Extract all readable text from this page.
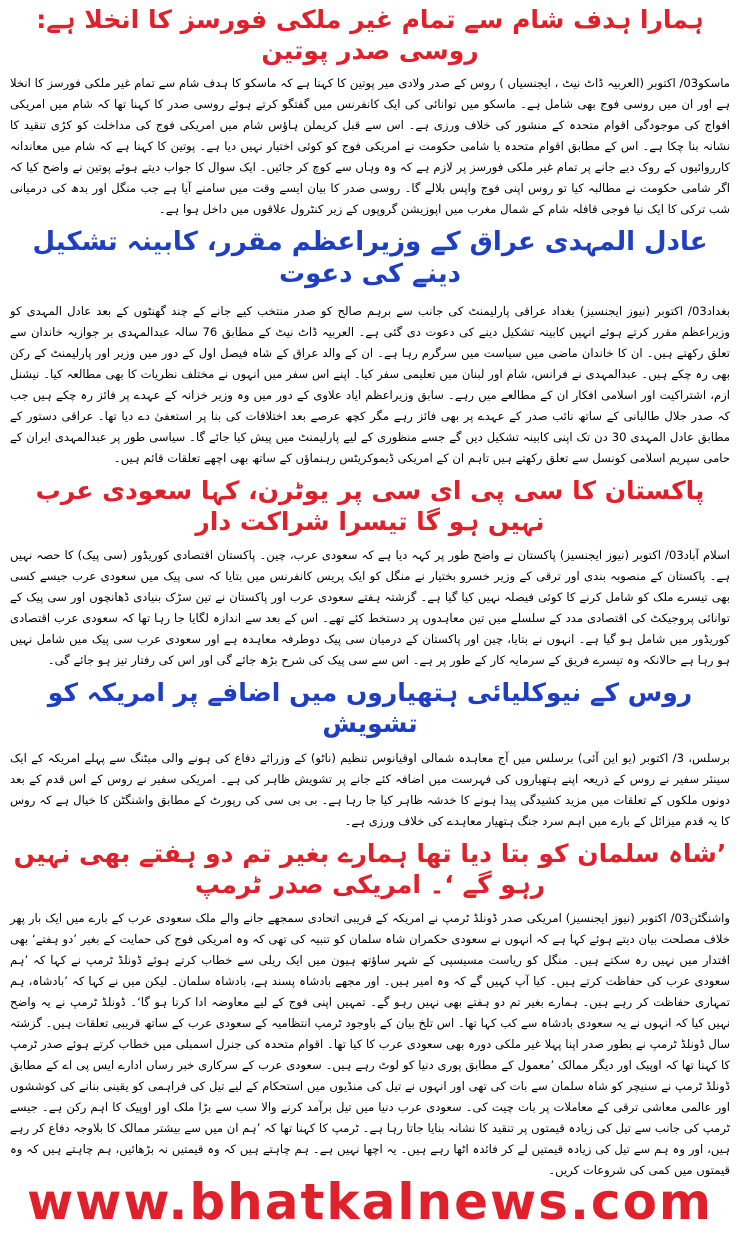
ہمارا ہدف شام سے تمام غیر ملکی فورسز کا انخلا ہے: روسی صدر پوتین

ماسکو03/ اکتوبر (العربیہ ڈاٹ نیٹ ، ایجنسیاں ) روس کے صدر ولادی میر پوتین کا کہنا ہے کہ ماسکو کا ہدف شام سے تمام غیر ملکی فورسز کا انخلا ہے اور ان میں روسی فوج بھی شامل ہے۔ ماسکو میں توانائی کی ایک کانفرنس میں گفتگو کرتے ہوئے روسی صدر کا کہنا تھا کہ شام میں امریکی افواج کی موجودگی اقوام متحدہ کے منشور کی خلاف ورزی ہے۔ اس سے قبل کریملن ہاؤس شام میں امریکی فوج کی مداخلت کو کڑی تنقید کا نشانہ بنا چکا ہے۔ اس کے مطابق اقوام متحدہ یا شامی حکومت نے امریکی فوج کو کوئی اختیار نہیں دیا ہے۔ پوتین کا کہنا ہے کہ شام میں معاندانہ کارروائیوں کے روک دیے جانے پر تمام غیر ملکی فورسز پر لازم ہے کہ وہ وہاں سے کوچ کر جائیں۔ ایک سوال کا جواب دیتے ہوئے پوتین نے واضح کیا کہ اگر شامی حکومت نے مطالبہ کیا تو روس اپنی فوج واپس بلالے گا۔ روسی صدر کا بیان ایسے وقت میں سامنے آیا ہے جب منگل اور بدھ کی درمیانی شب ترکی کا ایک نیا فوجی قافلہ شام کے شمال مغرب میں اپوزیشن گروپوں کے زیر کنٹرول علاقوں میں داخل ہوا ہے۔

عادل المہدی عراق کے وزیراعظم مقرر، کابینہ تشکیل دینے کی دعوت

بغداد03/ اکتوبر (نیوز ایجنسیز) بغداد عراقی پارلیمنٹ کی جانب سے برہم صالح کو صدر منتخب کیے جانے کے چند گھنٹوں کے بعد عادل المہدی کو وزیراعظم مقرر کرتے ہوئے انہیں کابینہ تشکیل دینے کی دعوت دی گئی ہے۔ العربیہ ڈاٹ نیٹ کے مطابق 76 سالہ عبدالمہدی بر جوازیہ خاندان سے تعلق رکھتے ہیں۔ ان کا خاندان ماضی میں سیاست میں سرگرم رہا ہے۔ ان کے والد عراق کے شاہ فیصل اول کے دور میں وزیر اور پارلیمنٹ کے رکن بھی رہ چکے ہیں۔ عبدالمہدی نے فرانس، شام اور لبنان میں تعلیمی سفر کیا۔ اپنے اس سفر میں انہوں نے مختلف نظریات کا بھی مطالعہ کیا۔ نیشنل ازم، اشتراکیت اور اسلامی افکار ان کے مطالعے میں رہے۔ سابق وزیراعظم ایاد علاوی کے دور میں وہ وزیر خزانہ کے عہدے پر فائز رہ چکے ہیں جب کہ صدر جلال طالبانی کے ساتھ نائب صدر کے عہدے پر بھی فائز رہے مگر کچھ عرصے بعد اختلافات کی بنا پر استعفیٰ دے دیا تھا۔ عراقی دستور کے مطابق عادل المہدی 30 دن تک اپنی کابینہ تشکیل دیں گے جسے منظوری کے لیے پارلیمنٹ میں پیش کیا جائے گا۔ سیاسی طور پر عبدالمہدی ایران کے حامی سپریم اسلامی کونسل سے تعلق رکھتے ہیں تاہم ان کے امریکی ڈیموکریٹس رہنماؤں کے ساتھ بھی اچھے تعلقات قائم ہیں۔

پاکستان کا سی پی ای سی پر یوٹرن، کہا سعودی عرب نہیں ہو گا تیسرا شراکت دار

اسلام آباد03/ اکتوبر (نیوز ایجنسیز) پاکستان نے واضح طور پر کہہ دیا ہے کہ سعودی عرب، چین۔ پاکستان اقتصادی کوریڈور (سی پیک) کا حصہ نہیں ہے۔ پاکستان کے منصوبہ بندی اور ترقی کے وزیر خسرو بختیار نے منگل کو ایک پریس کانفرنس میں بتایا کہ سی پیک میں سعودی عرب جیسے کسی بھی تیسرے ملک کو شامل کرنے کا کوئی فیصلہ نہیں کیا گیا ہے۔ گزشتہ ہفتے سعودی عرب اور پاکستان نے تین سڑک بنیادی ڈھانچوں اور سی پیک کے توانائی پروجیکٹ کی اقتصادی مدد کے سلسلے میں تین معاہدوں پر دستخط کئے تھے۔ اس کے بعد سے اندازہ لگایا جا رہا تھا کہ سعودی عرب اقتصادی کوریڈور میں شامل ہو گیا ہے۔ انہوں نے بتایا، چین اور پاکستان کے درمیان سی پیک دوطرفہ معاہدہ ہے اور سعودی عرب سی پیک میں شامل نہیں ہو رہا ہے حالانکہ وہ تیسرے فریق کے سرمایہ کار کے طور پر ہے۔ اس سے سی پیک کی شرح بڑھ جائے گی اور اس کی رفتار تیز ہو جائے گی۔

روس کے نیوکلیائی ہتھیاروں میں اضافے پر امریکہ کو تشویش

برسلس، 3/ اکتوبر (یو این آئی) برسلس میں آج معاہدہ شمالی اوقیانوس تنظیم (ناٹو) کے وزرائے دفاع کی ہونے والی میٹنگ سے پہلے امریکہ کے ایک سینئر سفیر نے روس کے ذریعہ اپنے ہتھیاروں کی فہرست میں اضافہ کئے جانے پر تشویش ظاہر کی ہے۔ امریکی سفیر نے روس کے اس قدم کے بعد دونوں ملکوں کے تعلقات میں مزید کشیدگی پیدا ہونے کا خدشہ ظاہر کیا جا رہا ہے۔ بی بی سی کی رپورٹ کے مطابق واشنگٹن کا خیال ہے کہ روس کا یہ قدم میزائل کے بارے میں اہم سرد جنگ ہتھیار معاہدے کی خلاف ورزی ہے۔

’شاہ سلمان کو بتا دیا تھا ہمارے بغیر تم دو ہفتے بھی نہیں رہو گے ‘۔ امریکی صدر ٹرمپ

واشنگٹن03/ اکتوبر (نیوز ایجنسیز) امریکی صدر ڈونلڈ ٹرمپ نے امریکہ کے قریبی اتحادی سمجھے جانے والے ملک سعودی عرب کے بارے میں ایک بار پھر خلاف مصلحت بیان دیتے ہوئے کہا ہے کہ انہوں نے سعودی حکمران شاہ سلمان کو تنبیہ کی تھی کہ وہ امریکی فوج کی حمایت کے بغیر ’دو ہفتے‘ بھی اقتدار میں نہیں رہ سکتے ہیں۔ منگل کو ریاست مسیسپی کے شہر ساؤتھ ہیون میں ایک ریلی سے خطاب کرتے ہوئے ڈونلڈ ٹرمپ نے کہا کہ ’ہم سعودی عرب کی حفاظت کرتے ہیں۔ کیا آپ کہیں گے کہ وہ امیر ہیں۔ اور مجھے بادشاہ پسند ہے، بادشاہ سلمان۔ لیکن میں نے کہا کہ ’بادشاہ، ہم تمہاری حفاظت کر رہے ہیں۔ ہمارے بغیر تم دو ہفتے بھی نہیں رہو گے۔ تمہیں اپنی فوج کے لیے معاوضہ ادا کرنا ہو گا‘۔ ڈونلڈ ٹرمپ نے یہ واضح نہیں کیا کہ انہوں نے یہ سعودی بادشاہ سے کب کہا تھا۔ اس تلخ بیان کے باوجود ٹرمپ انتظامیہ کے سعودی عرب کے ساتھ قریبی تعلقات ہیں۔ گزشتہ سال ڈونلڈ ٹرمپ نے بطور صدر اپنا پہلا غیر ملکی دورہ بھی سعودی عرب کا کیا تھا۔ اقوام متحدہ کی جنرل اسمبلی میں خطاب کرتے ہوئے صدر ٹرمپ کا کہنا تھا کہ اوپیک اور دیگر ممالک ’معمول کے مطابق پوری دنیا کو لوٹ رہے ہیں۔ سعودی عرب کے سرکاری خبر رساں ادارے ایس پی اے کے مطابق ڈونلڈ ٹرمپ نے سنیچر کو شاہ سلمان سے بات کی تھی اور انہوں نے تیل کی منڈیوں میں استحکام کے لیے تیل کی فراہمی کو یقینی بنانے کی کوششوں اور عالمی معاشی ترقی کے معاملات پر بات چیت کی۔ سعودی عرب دنیا میں تیل برآمد کرنے والا سب سے بڑا ملک اور اوپیک کا اہم رکن ہے۔ جیسے ٹرمپ کی جانب سے تیل کی زیادہ قیمتوں پر تنقید کا نشانہ بنایا جاتا رہا ہے۔ ٹرمپ کا کہنا تھا کہ ’ہم ان میں سے بیشتر ممالک کا بلاوجہ دفاع کر رہے ہیں، اور وہ ہم سے تیل کی زیادہ قیمتیں لے کر فائدہ اٹھا رہے ہیں۔ یہ اچھا نہیں ہے۔ ہم چاہتے ہیں کہ وہ قیمتیں نہ بڑھائیں، ہم چاہتے ہیں کہ وہ قیمتوں میں کمی کی شروعات کریں۔

www.bhatkalnews.com
